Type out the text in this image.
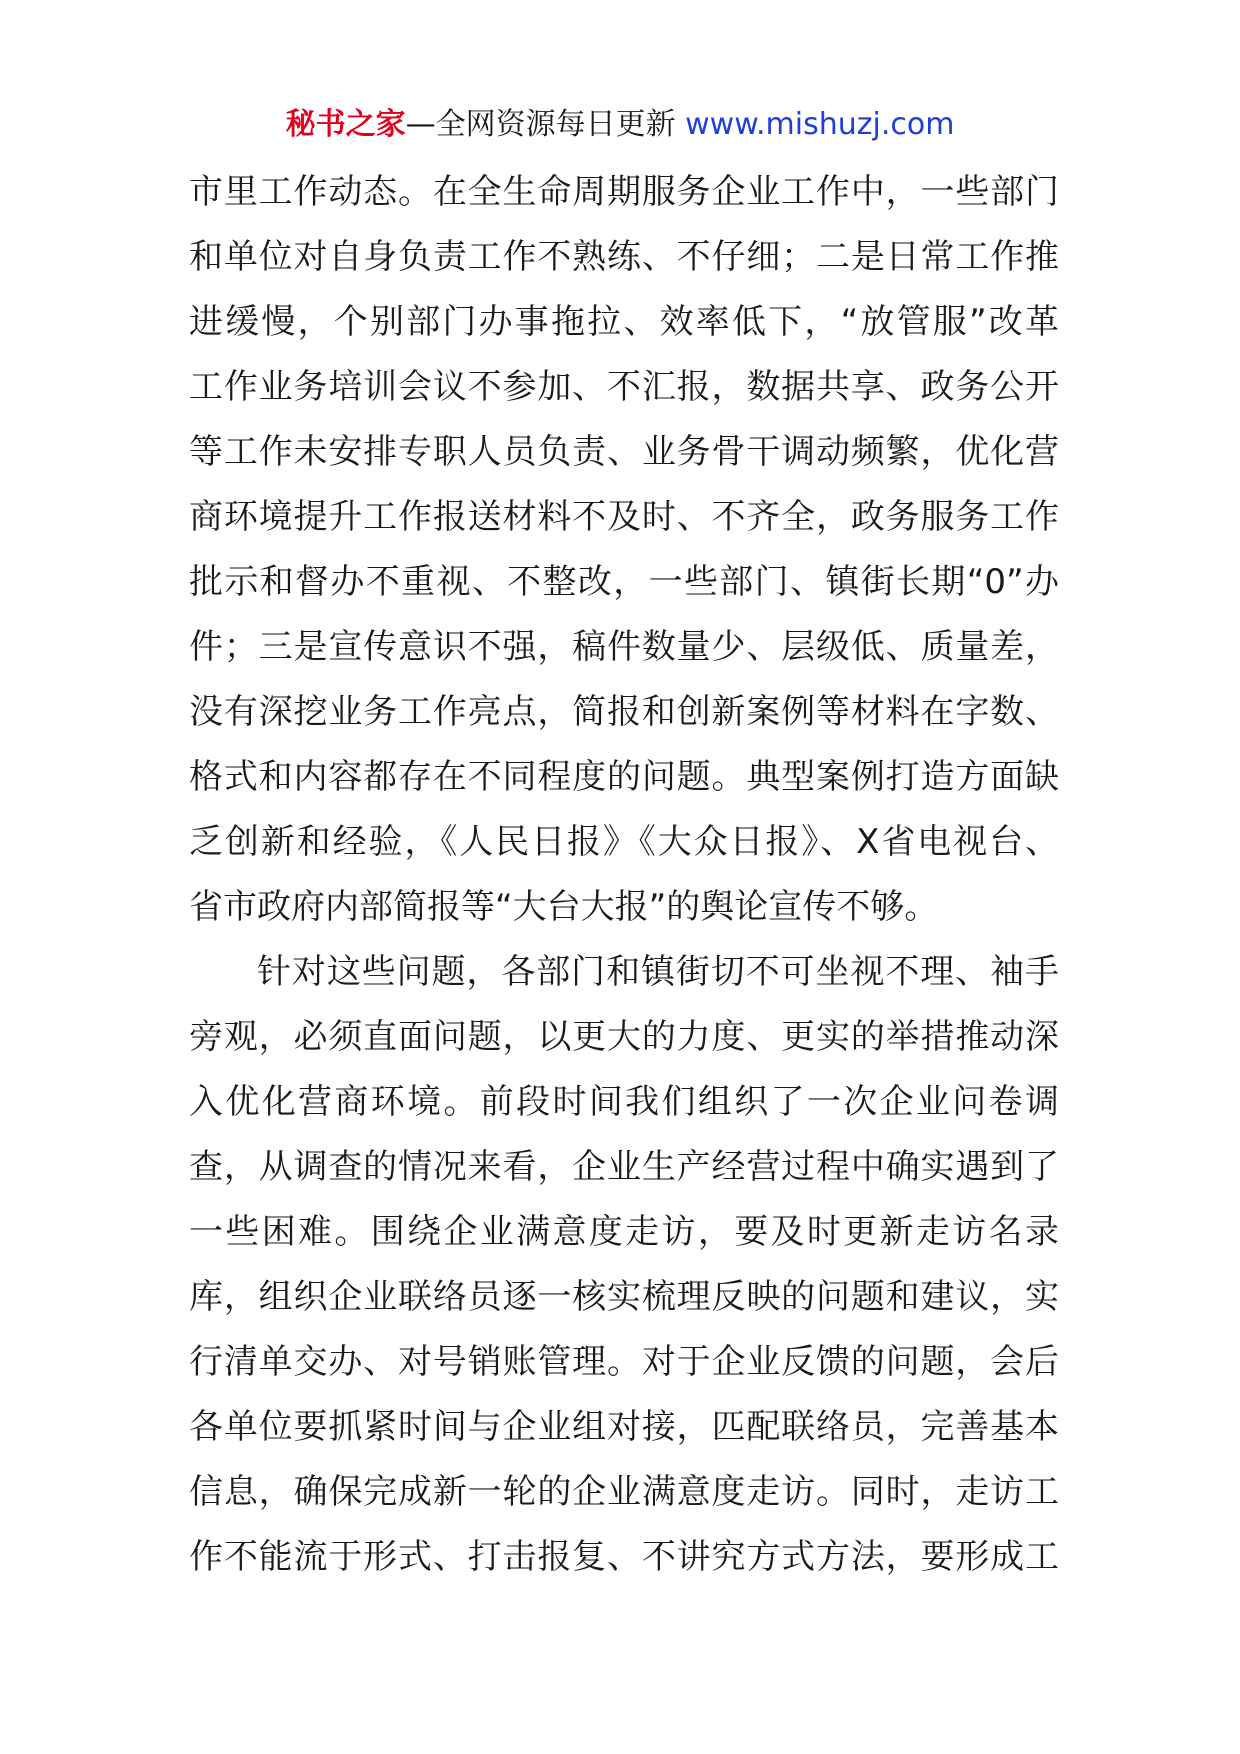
秘书之家—全网资源每日更新 www.mishuzj.com
市里工作动态。在全生命周期服务企业工作中，一些部门
和单位对自身负责工作不熟练、不仔细；二是日常工作推
进缓慢，个别部门办事拖拉、效率低下，“放管服”改革
工作业务培训会议不参加、不汇报，数据共享、政务公开
等工作未安排专职人员负责、业务骨干调动频繁，优化营
商环境提升工作报送材料不及时、不齐全，政务服务工作
批示和督办不重视、不整改，一些部门、镇街长期“0”办
件；三是宣传意识不强，稿件数量少、层级低、质量差，
没有深挖业务工作亮点，简报和创新案例等材料在字数、
格式和内容都存在不同程度的问题。典型案例打造方面缺
乏创新和经验，《人民日报》《大众日报》、X省电视台、
省市政府内部简报等“大台大报”的舆论宣传不够。
针对这些问题，各部门和镇街切不可坐视不理、袖手
旁观，必须直面问题，以更大的力度、更实的举措推动深
入优化营商环境。前段时间我们组织了一次企业问卷调
查，从调查的情况来看，企业生产经营过程中确实遇到了
一些困难。围绕企业满意度走访，要及时更新走访名录
库，组织企业联络员逐一核实梳理反映的问题和建议，实
行清单交办、对号销账管理。对于企业反馈的问题，会后
各单位要抓紧时间与企业组对接，匹配联络员，完善基本
信息，确保完成新一轮的企业满意度走访。同时，走访工
作不能流于形式、打击报复、不讲究方式方法，要形成工
